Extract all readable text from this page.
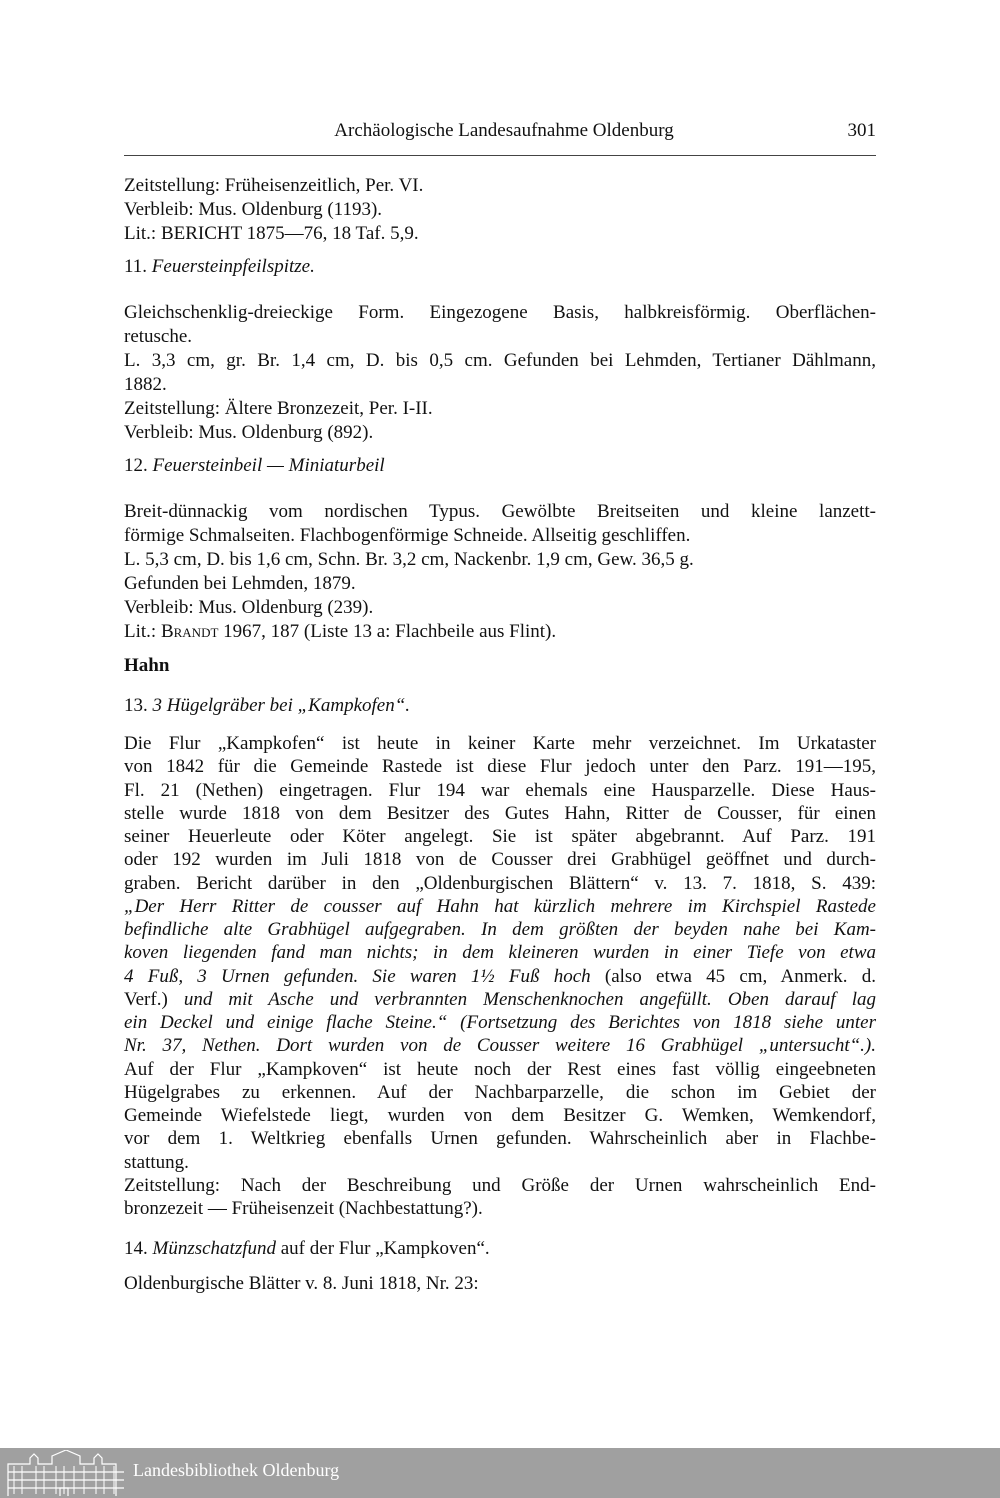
Archäologische Landesaufnahme Oldenburg	301
Zeitstellung: Früheisenzeitlich, Per. VI.
Verbleib: Mus. Oldenburg (1193).
Lit.: BERICHT 1875—76, 18 Taf. 5,9.
11. Feuersteinpfeilspitze.
Gleichschenklig-dreieckige Form. Eingezogene Basis, halbkreisförmig. Oberflächen-
retusche.
L. 3,3 cm, gr. Br. 1,4 cm, D. bis 0,5 cm. Gefunden bei Lehmden, Tertianer Dählmann,
1882.
Zeitstellung: Ältere Bronzezeit, Per. I-II.
Verbleib: Mus. Oldenburg (892).
12. Feuersteinbeil — Miniaturbeil
Breit-dünnackig vom nordischen Typus. Gewölbte Breitseiten und kleine lanzett-
förmige Schmalseiten. Flachbogenförmige Schneide. Allseitig geschliffen.
L. 5,3 cm, D. bis 1,6 cm, Schn. Br. 3,2 cm, Nackenbr. 1,9 cm, Gew. 36,5 g.
Gefunden bei Lehmden, 1879.
Verbleib: Mus. Oldenburg (239).
Lit.: Brandt 1967, 187 (Liste 13 a: Flachbeile aus Flint).
Hahn
13. 3 Hügelgräber bei „Kampkofen“.
Die Flur „Kampkofen“ ist heute in keiner Karte mehr verzeichnet. Im Urkataster
von 1842 für die Gemeinde Rastede ist diese Flur jedoch unter den Parz. 191—195,
Fl. 21 (Nethen) eingetragen. Flur 194 war ehemals eine Hausparzelle. Diese Haus-
stelle wurde 1818 von dem Besitzer des Gutes Hahn, Ritter de Cousser, für einen
seiner Heuerleute oder Köter angelegt. Sie ist später abgebrannt. Auf Parz. 191
oder 192 wurden im Juli 1818 von de Cousser drei Grabhügel geöffnet und durch-
graben. Bericht darüber in den „Oldenburgischen Blättern“ v. 13. 7. 1818, S. 439:
„Der Herr Ritter de cousser auf Hahn hat kürzlich mehrere im Kirchspiel Rastede
befindliche alte Grabhügel aufgegraben. In dem größten der beyden nahe bei Kam-
koven liegenden fand man nichts; in dem kleineren wurden in einer Tiefe von etwa
4 Fuß, 3 Urnen gefunden. Sie waren 1½ Fuß hoch (also etwa 45 cm, Anmerk. d.
Verf.) und mit Asche und verbrannten Menschenknochen angefüllt. Oben darauf lag
ein Deckel und einige flache Steine.“ (Fortsetzung des Berichtes von 1818 siehe unter
Nr. 37, Nethen. Dort wurden von de Cousser weitere 16 Grabhügel „untersucht“.).
Auf der Flur „Kampkoven“ ist heute noch der Rest eines fast völlig eingeebneten
Hügelgrabes zu erkennen. Auf der Nachbarparzelle, die schon im Gebiet der
Gemeinde Wiefelstede liegt, wurden von dem Besitzer G. Wemken, Wemkendorf,
vor dem 1. Weltkrieg ebenfalls Urnen gefunden. Wahrscheinlich aber in Flachbe-
stattung.
Zeitstellung: Nach der Beschreibung und Größe der Urnen wahrscheinlich End-
bronzezeit — Früheisenzeit (Nachbestattung?).
14. Münzschatzfund auf der Flur „Kampkoven“.
Oldenburgische Blätter v. 8. Juni 1818, Nr. 23:
Landesbibliothek Oldenburg
